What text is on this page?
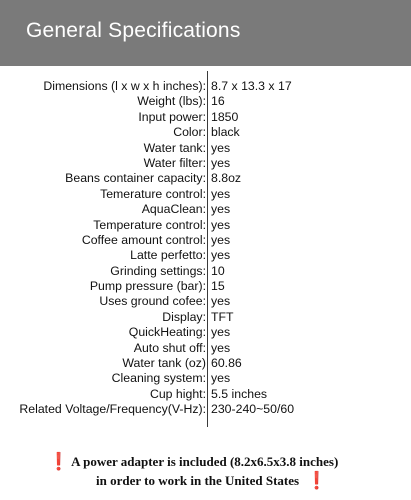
General Specifications
Dimensions (l x w x h inches): 8.7 x 13.3 x 17
Weight (lbs): 16
Input power: 1850
Color: black
Water tank: yes
Water filter: yes
Beans container capacity: 8.8oz
Temerature control: yes
AquaClean: yes
Temperature control: yes
Coffee amount control: yes
Latte perfetto: yes
Grinding settings: 10
Pump pressure (bar): 15
Uses ground cofee: yes
Display: TFT
QuickHeating: yes
Auto shut off: yes
Water tank (oz) 60.86
Cleaning system: yes
Cup hight: 5.5 inches
Related Voltage/Frequency(V-Hz): 230-240~50/60
❗ A power adapter is included (8.2x6.5x3.8 inches)
in order to work in the United States ❗
